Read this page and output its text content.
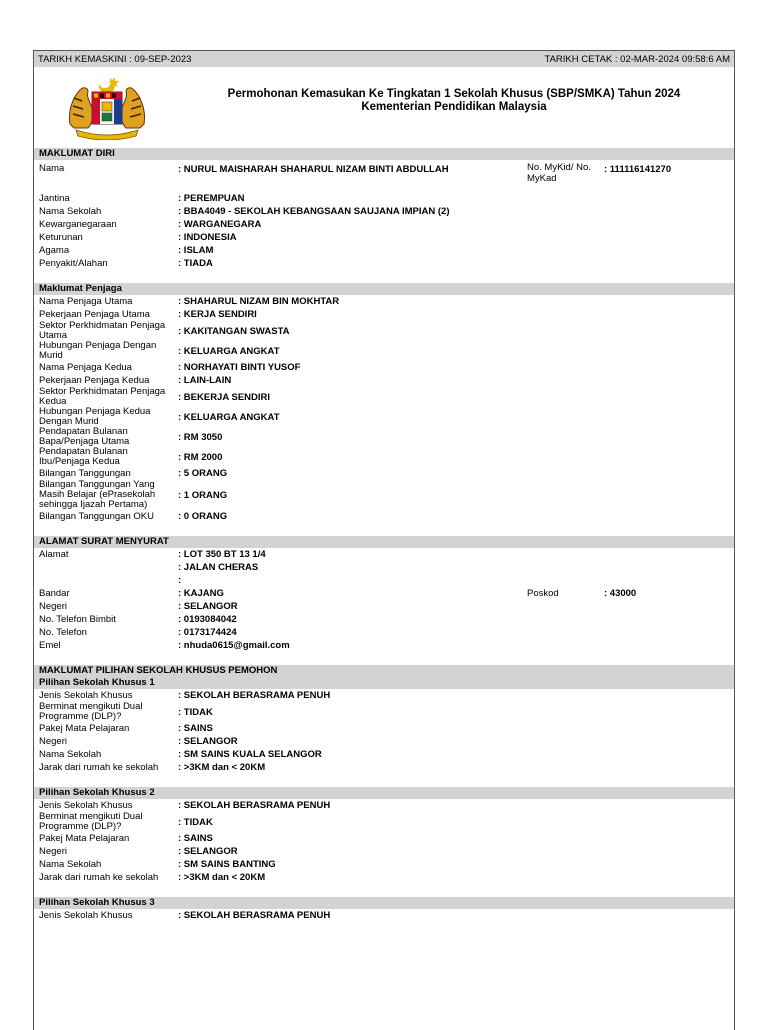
TARIKH KEMASKINI : 09-SEP-2023	TARIKH CETAK : 02-MAR-2024 09:58:6 AM
Permohonan Kemasukan Ke Tingkatan 1 Sekolah Khusus (SBP/SMKA) Tahun 2024
Kementerian Pendidikan Malaysia
MAKLUMAT DIRI
Nama	: NURUL MAISHARAH SHAHARUL NIZAM BINTI ABDULLAH	No. MyKid/ No. MyKad
: 111116141270
Jantina	: PEREMPUAN
Nama Sekolah	: BBA4049 - SEKOLAH KEBANGSAAN SAUJANA IMPIAN (2)
Kewarganegaraan	: WARGANEGARA
Keturunan	: INDONESIA
Agama	: ISLAM
Penyakit/Alahan	: TIADA
Maklumat Penjaga
Nama Penjaga Utama	: SHAHARUL NIZAM BIN MOKHTAR
Pekerjaan Penjaga Utama	: KERJA SENDIRI
Sektor Perkhidmatan Penjaga Utama	: KAKITANGAN SWASTA
Hubungan Penjaga Dengan Murid	: KELUARGA ANGKAT
Nama Penjaga Kedua	: NORHAYATI BINTI YUSOF
Pekerjaan Penjaga Kedua	: LAIN-LAIN
Sektor Perkhidmatan Penjaga Kedua	: BEKERJA SENDIRI
Hubungan Penjaga Kedua Dengan Murid	: KELUARGA ANGKAT
Pendapatan Bulanan Bapa/Penjaga Utama	: RM 3050
Pendapatan Bulanan Ibu/Penjaga Kedua	: RM 2000
Bilangan Tanggungan	: 5 ORANG
Bilangan Tanggungan Yang Masih Belajar (ePrasekolah sehingga Ijazah Pertama)
: 1 ORANG
Bilangan Tanggungan OKU	: 0 ORANG
ALAMAT SURAT MENYURAT
Alamat	: LOT 350 BT 13 1/4
: JALAN CHERAS
:
Bandar	: KAJANG	Poskod	: 43000
Negeri	: SELANGOR
No. Telefon Bimbit	: 0193084042
No. Telefon	: 0173174424
Emel	: nhuda0615@gmail.com
MAKLUMAT PILIHAN SEKOLAH KHUSUS PEMOHON
Pilihan Sekolah Khusus 1
Jenis Sekolah Khusus	: SEKOLAH BERASRAMA PENUH
Berminat mengikuti Dual Programme (DLP)?	: TIDAK
Pakej Mata Pelajaran	: SAINS
Negeri	: SELANGOR
Nama Sekolah	: SM SAINS KUALA SELANGOR
Jarak dari rumah ke sekolah	: >3KM dan < 20KM
Pilihan Sekolah Khusus 2
Jenis Sekolah Khusus	: SEKOLAH BERASRAMA PENUH
Berminat mengikuti Dual Programme (DLP)?	: TIDAK
Pakej Mata Pelajaran	: SAINS
Negeri	: SELANGOR
Nama Sekolah	: SM SAINS BANTING
Jarak dari rumah ke sekolah	: >3KM dan < 20KM
Pilihan Sekolah Khusus 3
Jenis Sekolah Khusus	: SEKOLAH BERASRAMA PENUH
